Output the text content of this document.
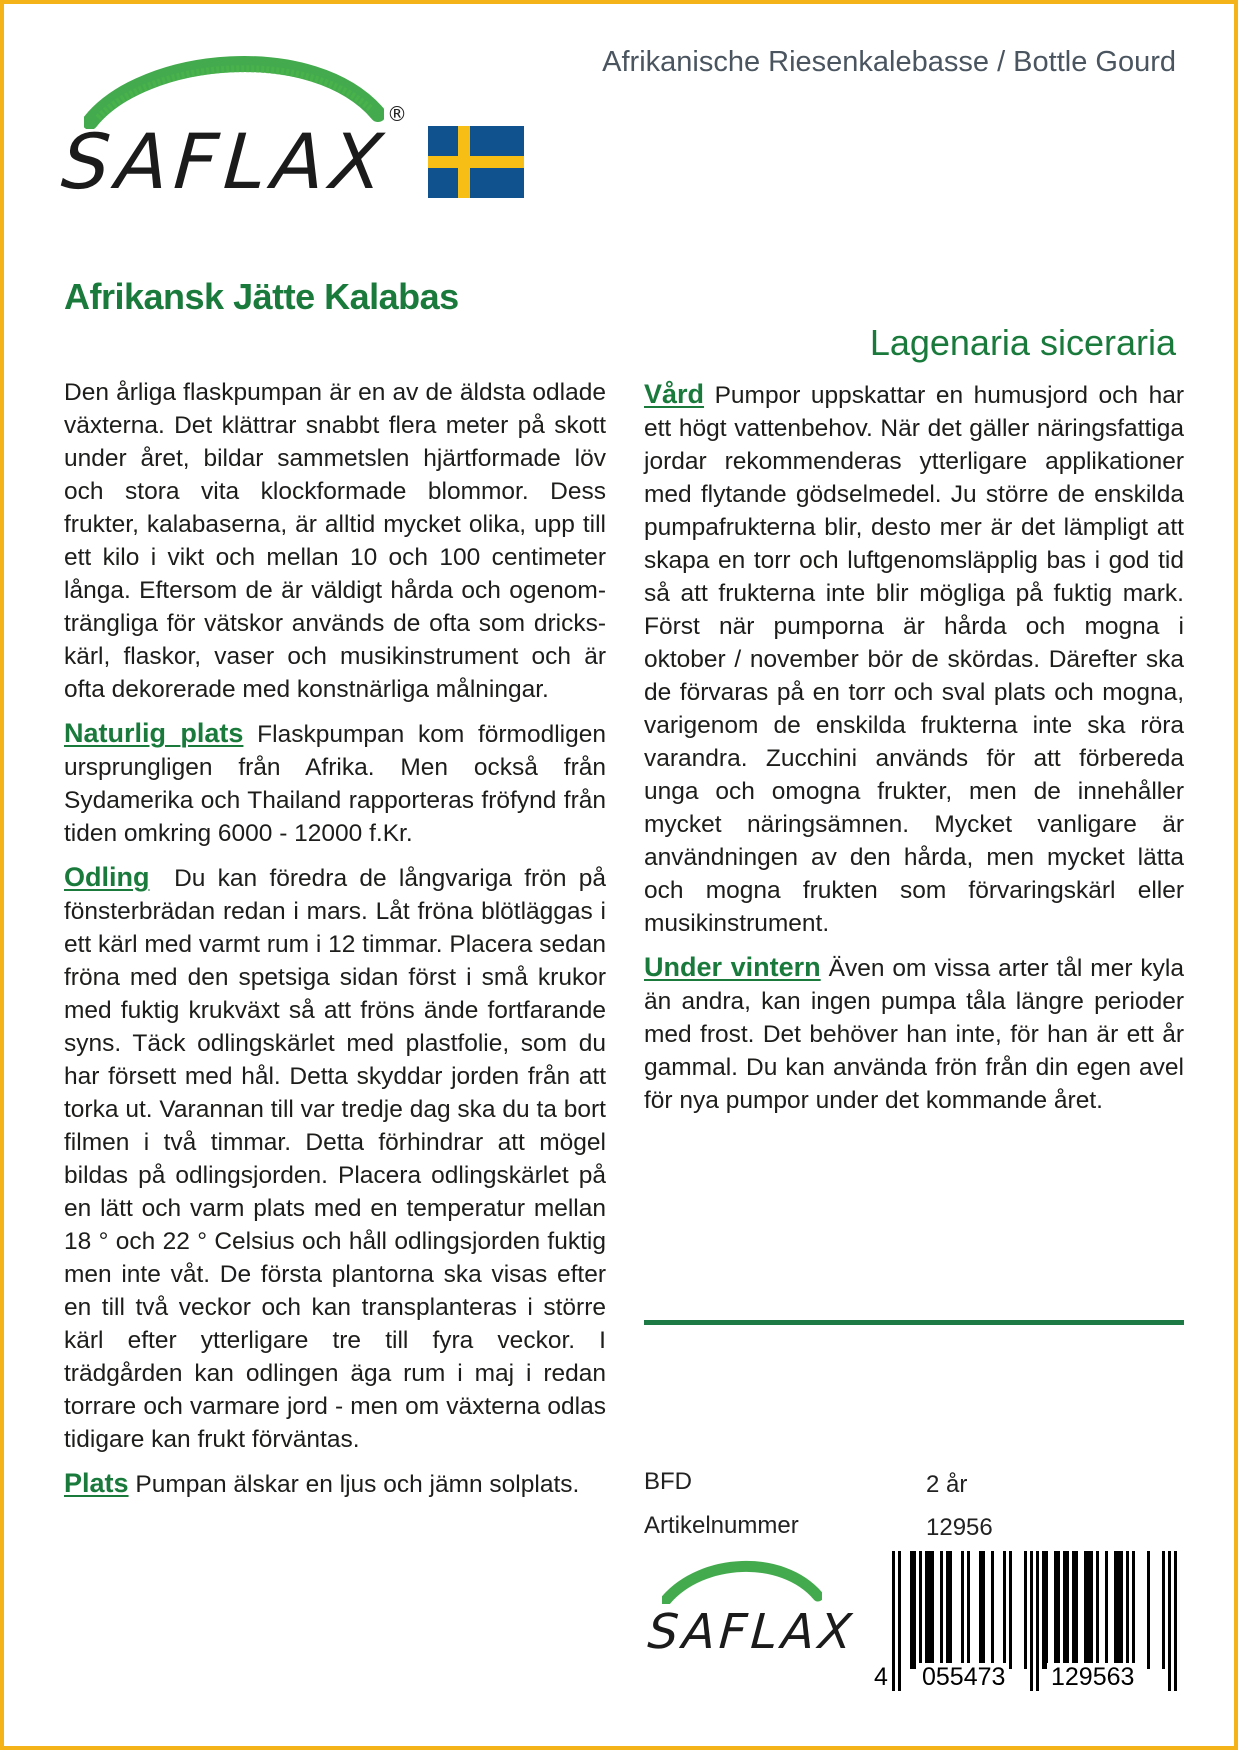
SAFLAX
®
Afrikanische Riesenkalebasse / Bottle Gourd
Afrikansk Jätte Kalabas
Lagenaria siceraria

Den årliga flaskpumpan är en av de äldsta odlade växterna. Det klättrar snabbt flera meter på skott under året, bildar sammetslen hjärtformade löv och stora vita klockformade blommor. Dess frukter, kalabaserna, är alltid mycket olika, upp till ett kilo i vikt och mellan 10 och 100 centimeter långa. Eftersom de är väldigt hårda och ogenomträngliga för vätskor används de ofta som drickskärl, flaskor, vaser och musikinstrument och är ofta dekorerade med konstnärliga målningar.

Naturlig plats Flaskpumpan kom förmodligen ursprungligen från Afrika. Men också från Sydamerika och Thailand rapporteras fröfynd från tiden omkring 6000 - 12000 f.Kr.

Odling Du kan föredra de långvariga frön på fönsterbrädan redan i mars. Låt fröna blötläggas i ett kärl med varmt rum i 12 timmar. Placera sedan fröna med den spetsiga sidan först i små krukor med fuktig krukväxt så att fröns ände fortfarande syns. Täck odlingskärlet med plastfolie, som du har försett med hål. Detta skyddar jorden från att torka ut. Varannan till var tredje dag ska du ta bort filmen i två timmar. Detta förhindrar att mögel bildas på odlingsjorden. Placera odlingskärlet på en lätt och varm plats med en temperatur mellan 18 ° och 22 ° Celsius och håll odlingsjorden fuktig men inte våt. De första plantorna ska visas efter en till två veckor och kan transplanteras i större kärl efter ytterligare tre till fyra veckor. I trädgården kan odlingen äga rum i maj i redan torrare och varmare jord - men om växterna odlas tidigare kan frukt förväntas.

Plats Pumpan älskar en ljus och jämn solplats.

Vård Pumpor uppskattar en humusjord och har ett högt vattenbehov. När det gäller näringsfattiga jordar rekommenderas ytterligare applikationer med flytande gödselmedel. Ju större de enskilda pumpafrukterna blir, desto mer är det lämpligt att skapa en torr och luftgenomsläpplig bas i god tid så att frukterna inte blir mögliga på fuktig mark. Först när pumporna är hårda och mogna i oktober / november bör de skördas. Därefter ska de förvaras på en torr och sval plats och mogna, varigenom de enskilda frukterna inte ska röra varandra. Zucchini används för att förbereda unga och omogna frukter, men de innehåller mycket näringsämnen. Mycket vanligare är användningen av den hårda, men mycket lätta och mogna frukten som förvaringskärl eller musikinstrument.

Under vintern Även om vissa arter tål mer kyla än andra, kan ingen pumpa tåla längre perioder med frost. Det behöver han inte, för han är ett år gammal. Du kan använda frön från din egen avel för nya pumpor under det kommande året.

BFD	2 år
Artikelnummer	12956
SAFLAX
4 055473 129563
